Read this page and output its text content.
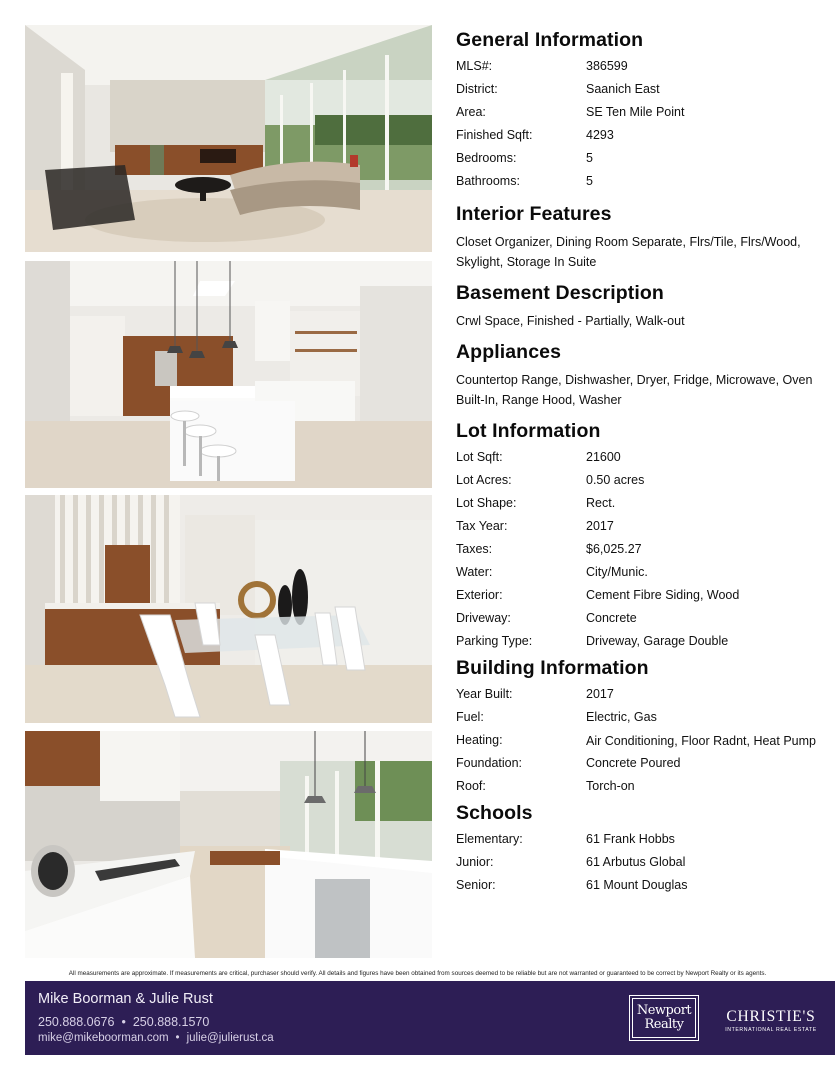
General Information
MLS#:	386599
District:	Saanich East
Area:	SE Ten Mile Point
Finished Sqft:	4293
Bedrooms:	5
Bathrooms:	5
Interior Features
Closet Organizer, Dining Room Separate, Flrs/Tile, Flrs/Wood, Skylight, Storage In Suite
Basement Description
Crwl Space, Finished - Partially, Walk-out
Appliances
Countertop Range, Dishwasher, Dryer, Fridge, Microwave, Oven Built-In, Range Hood, Washer
Lot Information
Lot Sqft:	21600
Lot Acres:	0.50 acres
Lot Shape:	Rect.
Tax Year:	2017
Taxes:	$6,025.27
Water:	City/Munic.
Exterior:	Cement Fibre Siding, Wood
Driveway:	Concrete
Parking Type:	Driveway, Garage Double
Building Information
Year Built:	2017
Fuel:	Electric, Gas
Heating:	Air Conditioning, Floor Radnt, Heat Pump
Foundation:	Concrete Poured
Roof:	Torch-on
Schools
Elementary:	61 Frank Hobbs
Junior:	61 Arbutus Global
Senior:	61 Mount Douglas
All measurements are approximate. If measurements are critical, purchaser should verify. All details and figures have been obtained from sources deemed to be reliable but are not warranted or guaranteed to be correct by Newport Realty or its agents.
Mike Boorman & Julie Rust
250.888.0676 • 250.888.1570
mike@mikeboorman.com • julie@julierust.ca
Newport
Realty	CHRISTIE'S
INTERNATIONAL REAL ESTATE
